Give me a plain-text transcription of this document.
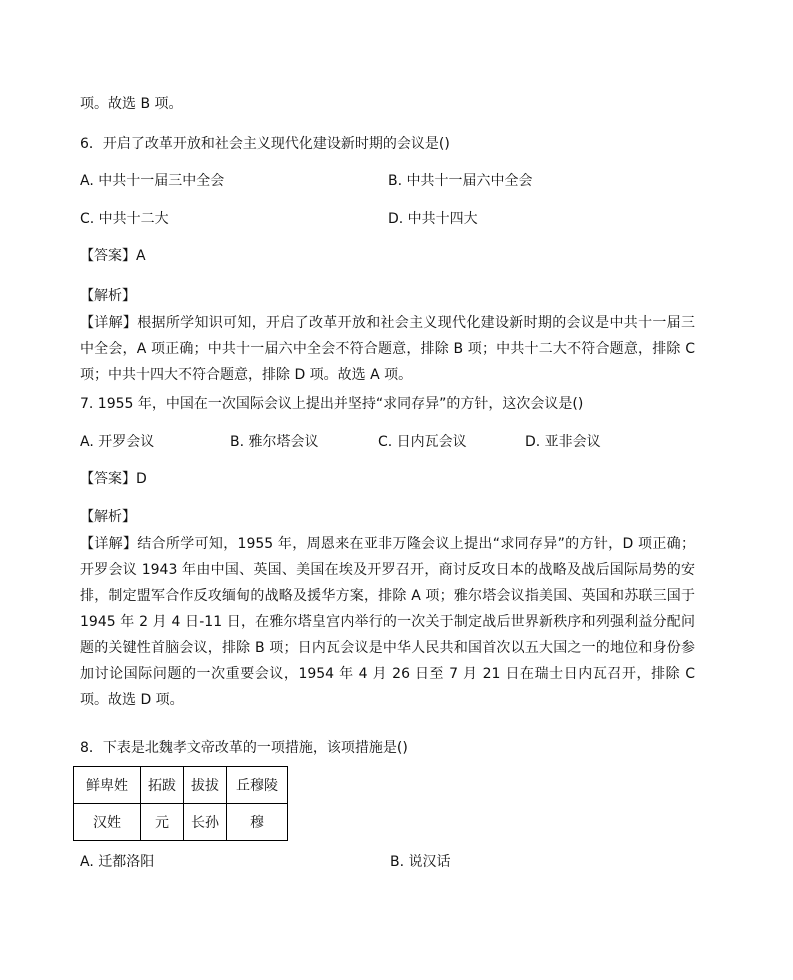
项。故选 B 项。
6．开启了改革开放和社会主义现代化建设新时期的会议是()
A. 中共十一届三中全会	B. 中共十一届六中全会
C. 中共十二大	D. 中共十四大
【答案】A
【解析】
【详解】根据所学知识可知，开启了改革开放和社会主义现代化建设新时期的会议是中共十一届三中全会，A 项正确；中共十一届六中全会不符合题意，排除 B 项；中共十二大不符合题意，排除 C 项；中共十四大不符合题意，排除 D 项。故选 A 项。
7. 1955 年，中国在一次国际会议上提出并坚持“求同存异”的方针，这次会议是()
A. 开罗会议	B. 雅尔塔会议	C. 日内瓦会议	D. 亚非会议
【答案】D
【解析】
【详解】结合所学可知，1955 年，周恩来在亚非万隆会议上提出“求同存异”的方针，D 项正确；开罗会议 1943 年由中国、英国、美国在埃及开罗召开，商讨反攻日本的战略及战后国际局势的安排，制定盟军合作反攻缅甸的战略及援华方案，排除 A 项；雅尔塔会议指美国、英国和苏联三国于 1945 年 2 月 4 日-11 日，在雅尔塔皇宫内举行的一次关于制定战后世界新秩序和列强利益分配问题的关键性首脑会议，排除 B 项；日内瓦会议是中华人民共和国首次以五大国之一的地位和身份参加讨论国际问题的一次重要会议，1954 年 4 月 26 日至 7 月 21 日在瑞士日内瓦召开，排除 C 项。故选 D 项。
8．下表是北魏孝文帝改革的一项措施，该项措施是()
鲜卑姓	拓跋	拔拔	丘穆陵
汉姓	元	长孙	穆
A. 迁都洛阳	B. 说汉话
